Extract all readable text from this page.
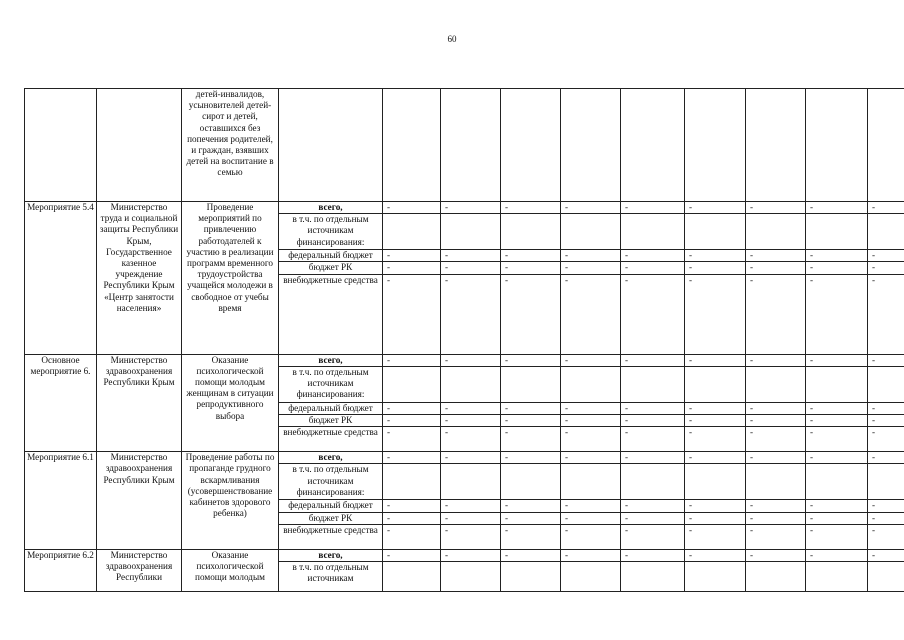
60
		детей-инвалидов, усыновителей детей-сирот и детей, оставшихся без попечения родителей, и граждан, взявших детей на воспитание в семью										
Мероприятие 5.4	Министерство труда и социальной защиты Республики Крым, Государственное казенное учреждение Республики Крым «Центр занятости населения»	Проведение мероприятий по привлечению работодателей к участию в реализации программ временного трудоустройства учащейся молодежи в свободное от учебы время	всего,	-	-	-	-	-	-	-	-	-
			в т.ч. по отдельным источникам финансирования:									
			федеральный бюджет	-	-	-	-	-	-	-	-	-
			бюджет РК	-	-	-	-	-	-	-	-	-
			внебюджетные средства	-	-	-	-	-	-	-	-	-
Основное мероприятие 6.	Министерство здравоохранения Республики Крым	Оказание психологической помощи молодым женщинам в ситуации репродуктивного выбора	всего,	-	-	-	-	-	-	-	-	-
			в т.ч. по отдельным источникам финансирования:									
			федеральный бюджет	-	-	-	-	-	-	-	-	-
			бюджет РК	-	-	-	-	-	-	-	-	-
			внебюджетные средства	-	-	-	-	-	-	-	-	-
Мероприятие 6.1	Министерство здравоохранения Республики Крым	Проведение работы по пропаганде грудного вскармливания (усовершенствование кабинетов здорового ребенка)	всего,	-	-	-	-	-	-	-	-	-
			в т.ч. по отдельным источникам финансирования:									
			федеральный бюджет	-	-	-	-	-	-	-	-	-
			бюджет РК	-	-	-	-	-	-	-	-	-
			внебюджетные средства	-	-	-	-	-	-	-	-	-
Мероприятие 6.2	Министерство здравоохранения Республики	Оказание психологической помощи молодым	всего,	-	-	-	-	-	-	-	-	-
			в т.ч. по отдельным источникам									
